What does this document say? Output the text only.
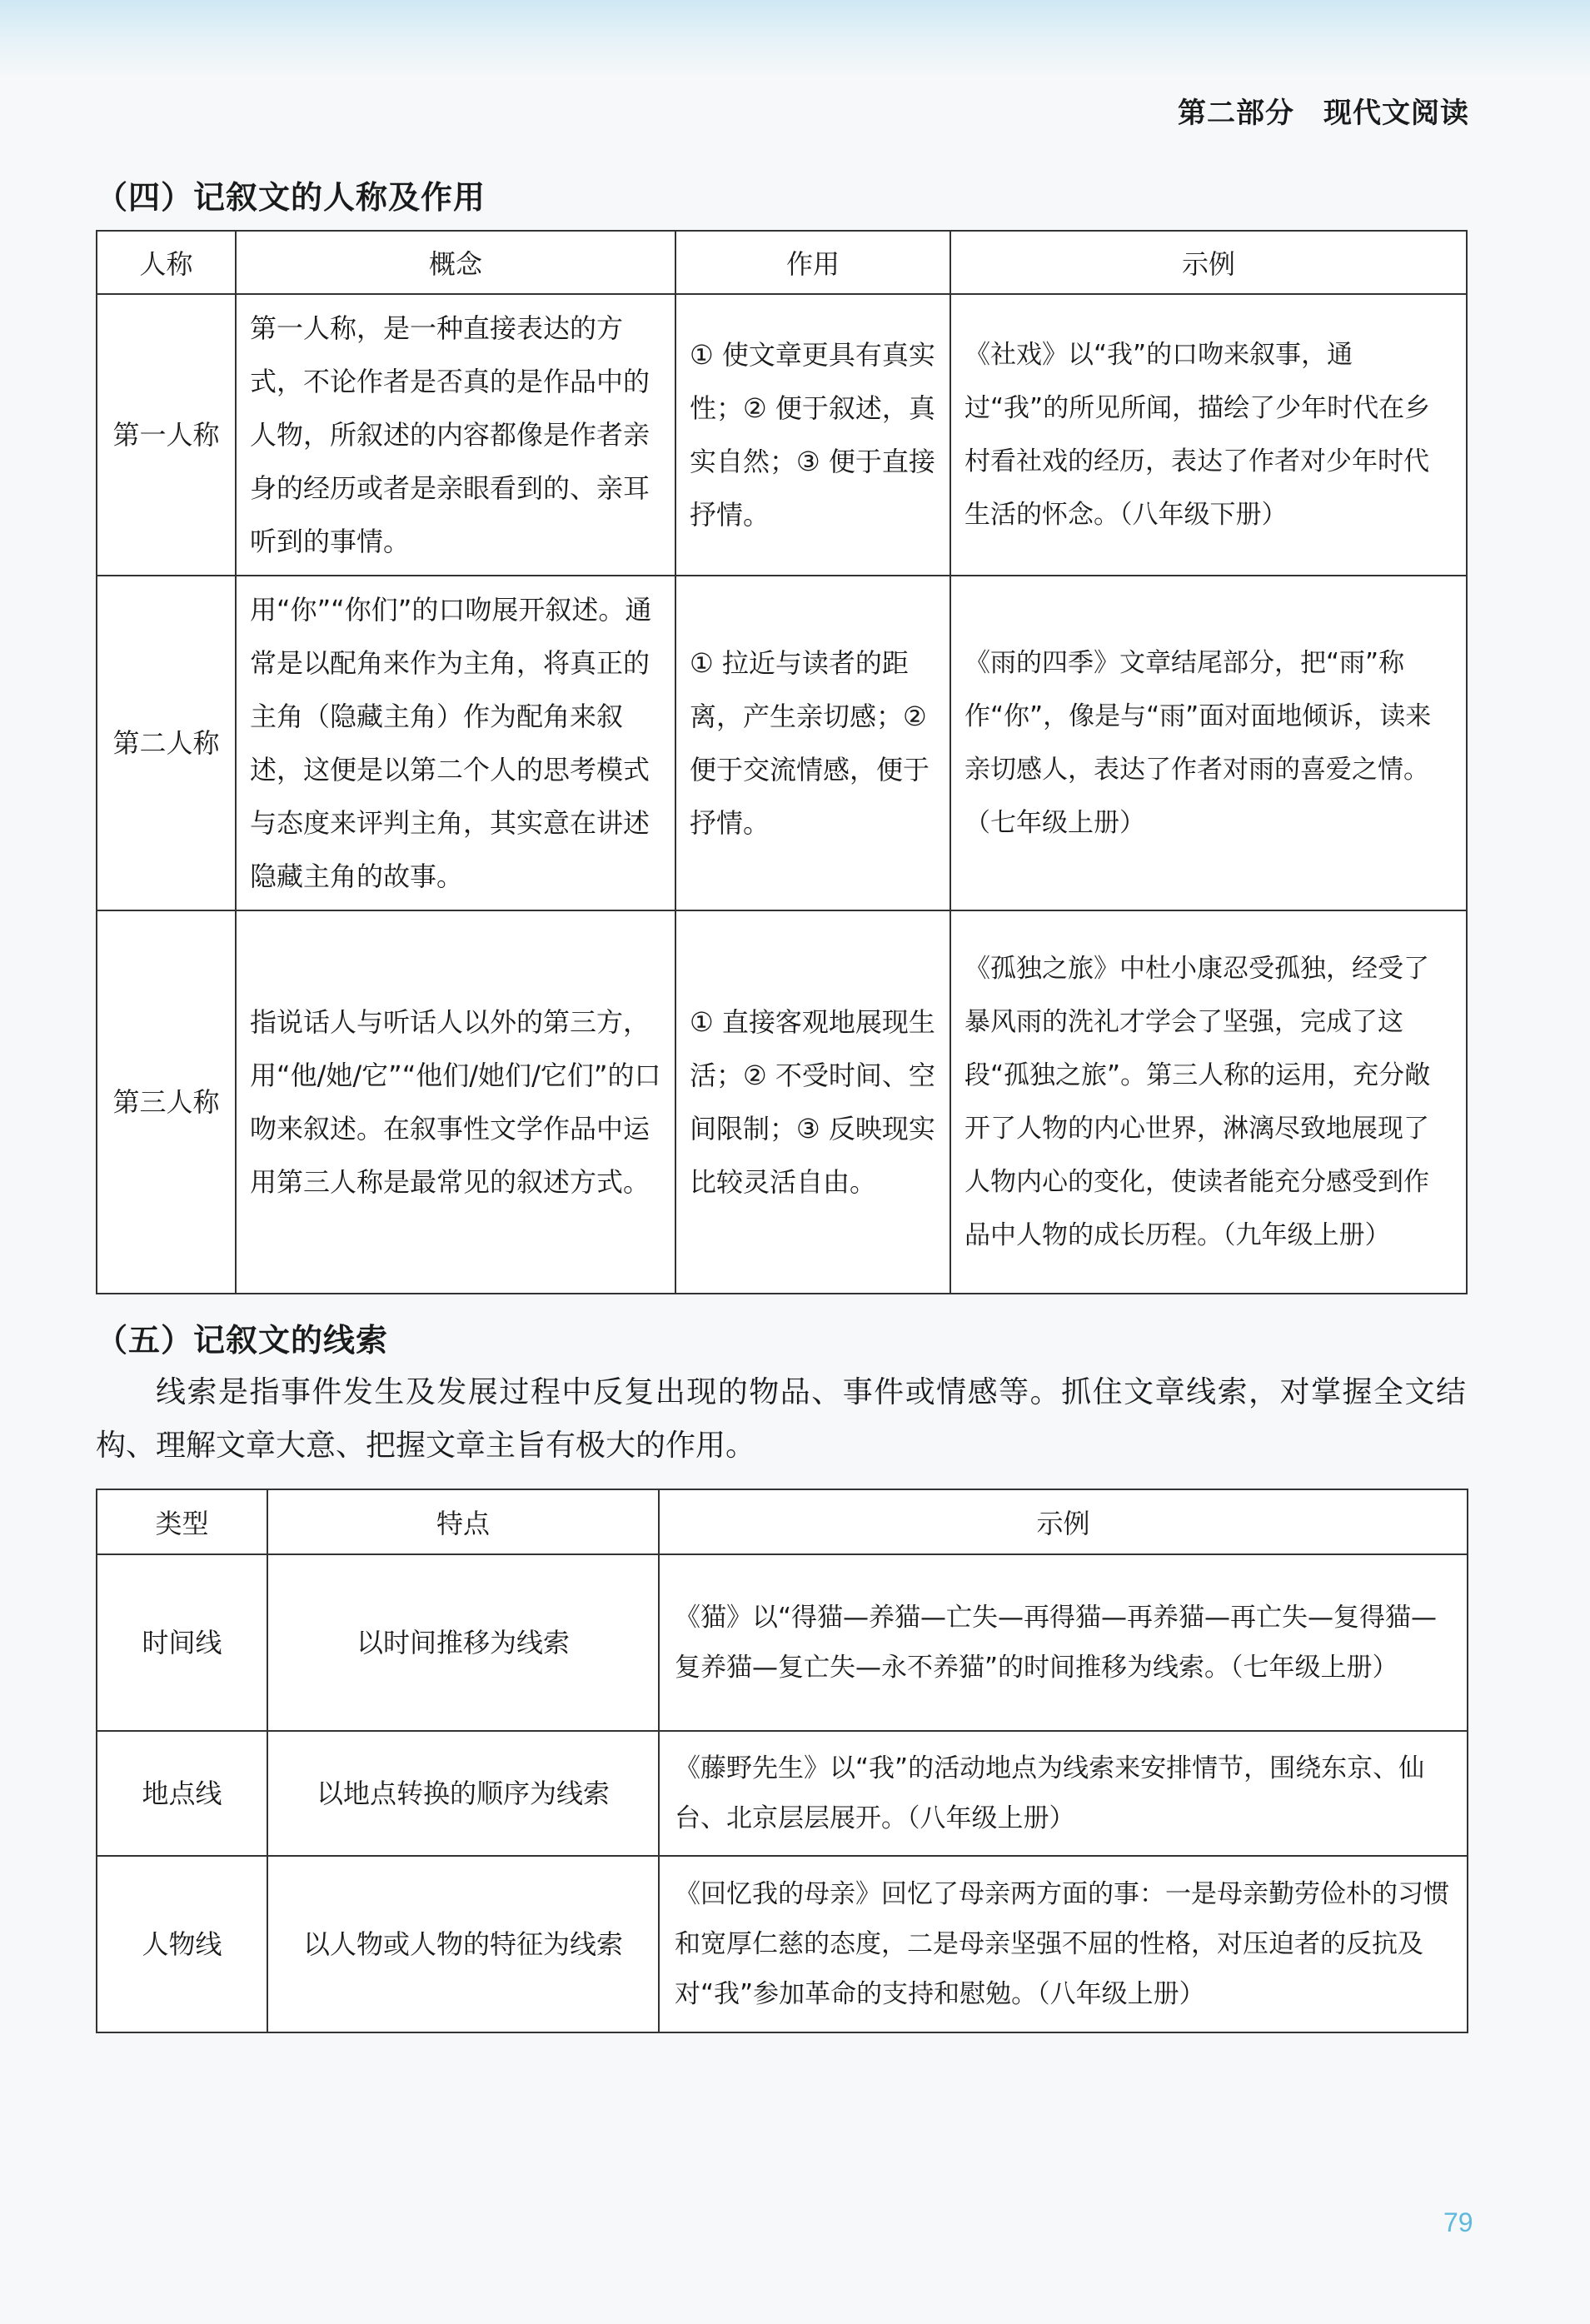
第二部分　现代文阅读
（四）记叙文的人称及作用
人称	概念	作用	示例
第一人称	第一人称，是一种直接表达的方式，不论作者是否真的是作品中的人物，所叙述的内容都像是作者亲身的经历或者是亲眼看到的、亲耳听到的事情。	① 使文章更具有真实性；② 便于叙述，真实自然；③ 便于直接抒情。	《社戏》以“我”的口吻来叙事，通过“我”的所见所闻，描绘了少年时代在乡村看社戏的经历，表达了作者对少年时代生活的怀念。（八年级下册）
第二人称	用“你”“你们”的口吻展开叙述。通常是以配角来作为主角，将真正的主角（隐藏主角）作为配角来叙述，这便是以第二个人的思考模式与态度来评判主角，其实意在讲述隐藏主角的故事。	① 拉近与读者的距离，产生亲切感；② 便于交流情感，便于抒情。	《雨的四季》文章结尾部分，把“雨”称作“你”，像是与“雨”面对面地倾诉，读来亲切感人，表达了作者对雨的喜爱之情。（七年级上册）
第三人称	指说话人与听话人以外的第三方，用“他/她/它”“他们/她们/它们”的口吻来叙述。在叙事性文学作品中运用第三人称是最常见的叙述方式。	① 直接客观地展现生活；② 不受时间、空间限制；③ 反映现实比较灵活自由。	《孤独之旅》中杜小康忍受孤独，经受了暴风雨的洗礼才学会了坚强，完成了这段“孤独之旅”。第三人称的运用，充分敞开了人物的内心世界，淋漓尽致地展现了人物内心的变化，使读者能充分感受到作品中人物的成长历程。（九年级上册）
（五）记叙文的线索
线索是指事件发生及发展过程中反复出现的物品、事件或情感等。抓住文章线索，对掌握全文结构、理解文章大意、把握文章主旨有极大的作用。
类型	特点	示例
时间线	以时间推移为线索	《猫》以“得猫—养猫—亡失—再得猫—再养猫—再亡失—复得猫—复养猫—复亡失—永不养猫”的时间推移为线索。（七年级上册）
地点线	以地点转换的顺序为线索	《藤野先生》以“我”的活动地点为线索来安排情节，围绕东京、仙台、北京层层展开。（八年级上册）
人物线	以人物或人物的特征为线索	《回忆我的母亲》回忆了母亲两方面的事：一是母亲勤劳俭朴的习惯和宽厚仁慈的态度，二是母亲坚强不屈的性格，对压迫者的反抗及对“我”参加革命的支持和慰勉。（八年级上册）
79
